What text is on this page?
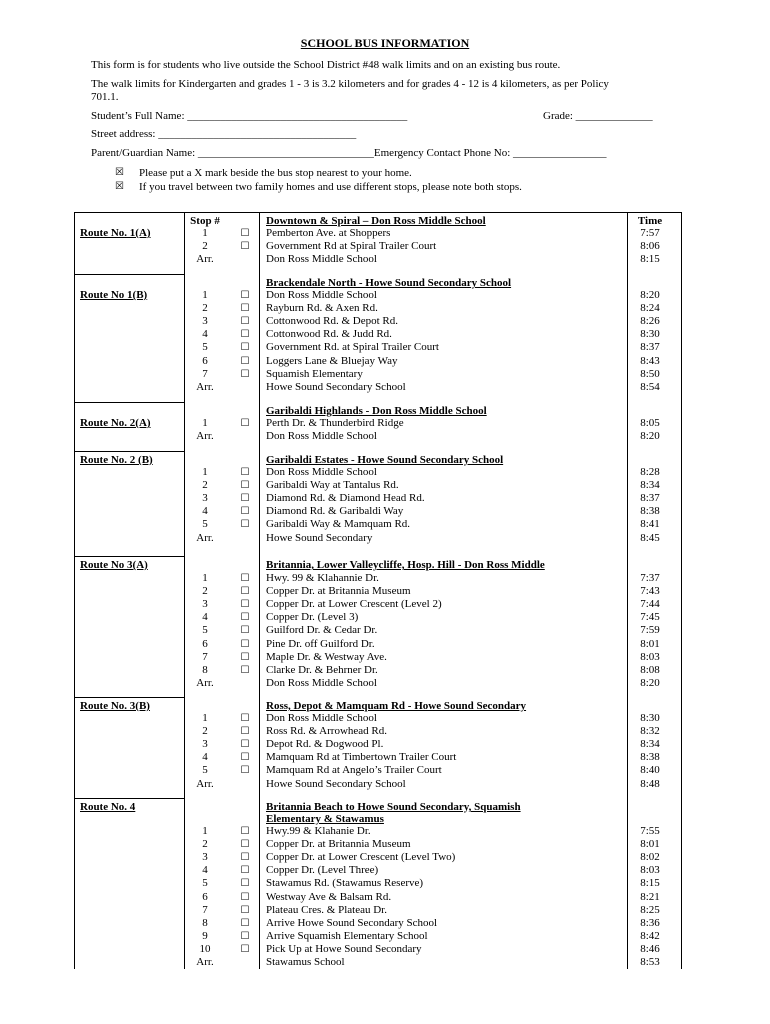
SCHOOL BUS INFORMATION
This form is for students who live outside the School District #48 walk limits and on an existing bus route.
The walk limits for Kindergarten and grades 1 - 3 is 3.2 kilometers and for grades 4 - 12 is 4 kilometers, as per Policy
701.1.
Student’s Full Name: ________________________________________	Grade: ______________
Street address: ____________________________________
Parent/Guardian Name: ________________________________Emergency Contact Phone No: _________________
☒ Please put a X mark beside the bus stop nearest to your home.
☒ If you travel between two family homes and use different stops, please note both stops.
Stop #	Time
Route No. 1(A)
Downtown & Spiral – Don Ross Middle School
1	☐ Pemberton Ave. at Shoppers	7:57
2	☐ Government Rd at Spiral Trailer Court	8:06
Arr.	Don Ross Middle School	8:15
Route No 1(B)
Brackendale North - Howe Sound Secondary School
1	☐ Don Ross Middle School	8:20
2	☐ Rayburn Rd. & Axen Rd.	8:24
3	☐ Cottonwood Rd. & Depot Rd.	8:26
4	☐ Cottonwood Rd. & Judd Rd.	8:30
5	☐ Government Rd. at Spiral Trailer Court	8:37
6	☐ Loggers Lane & Bluejay Way	8:43
7	☐ Squamish Elementary	8:50
Arr.	Howe Sound Secondary School	8:54
Route No. 2(A)
Garibaldi Highlands - Don Ross Middle School
1	☐ Perth Dr. & Thunderbird Ridge	8:05
Arr.	Don Ross Middle School	8:20
Route No. 2 (B)	Garibaldi Estates - Howe Sound Secondary School
1	☐ Don Ross Middle School	8:28
2	☐ Garibaldi Way at Tantalus Rd.	8:34
3	☐ Diamond Rd. & Diamond Head Rd.	8:37
4	☐ Diamond Rd. & Garibaldi Way	8:38
5	☐ Garibaldi Way & Mamquam Rd.	8:41
Arr.	Howe Sound Secondary	8:45
Route No 3(A)	Britannia, Lower Valleycliffe, Hosp. Hill - Don Ross Middle
1	☐ Hwy. 99 & Klahannie Dr.	7:37
2	☐ Copper Dr. at Britannia Museum	7:43
3	☐ Copper Dr. at Lower Crescent (Level 2)	7:44
4	☐ Copper Dr. (Level 3)	7:45
5	☐ Guilford Dr. & Cedar Dr.	7:59
6	☐ Pine Dr. off Guilford Dr.	8:01
7	☐ Maple Dr. & Westway Ave.	8:03
8	☐ Clarke Dr. & Behrner Dr.	8:08
Arr.	Don Ross Middle School	8:20
Route No. 3(B)	Ross, Depot & Mamquam Rd - Howe Sound Secondary
1	☐ Don Ross Middle School	8:30
2	☐ Ross Rd. & Arrowhead Rd.	8:32
3	☐ Depot Rd. & Dogwood Pl.	8:34
4	☐ Mamquam Rd at Timbertown Trailer Court	8:38
5	☐ Mamquam Rd at Angelo’s Trailer Court	8:40
Arr.	Howe Sound Secondary School	8:48
Route No. 4	Britannia Beach to Howe Sound Secondary, Squamish
Elementary & Stawamus
1	☐ Hwy.99 & Klahanie Dr.	7:55
2	☐ Copper Dr. at Britannia Museum	8:01
3	☐ Copper Dr. at Lower Crescent (Level Two)	8:02
4	☐ Copper Dr. (Level Three)	8:03
5	☐ Stawamus Rd. (Stawamus Reserve)	8:15
6	☐ Westway Ave & Balsam Rd.	8:21
7	☐ Plateau Cres. & Plateau Dr.	8:25
8	☐ Arrive Howe Sound Secondary School	8:36
9	☐ Arrive Squamish Elementary School	8:42
10	☐ Pick Up at Howe Sound Secondary	8:46
Arr.	Stawamus School	8:53
